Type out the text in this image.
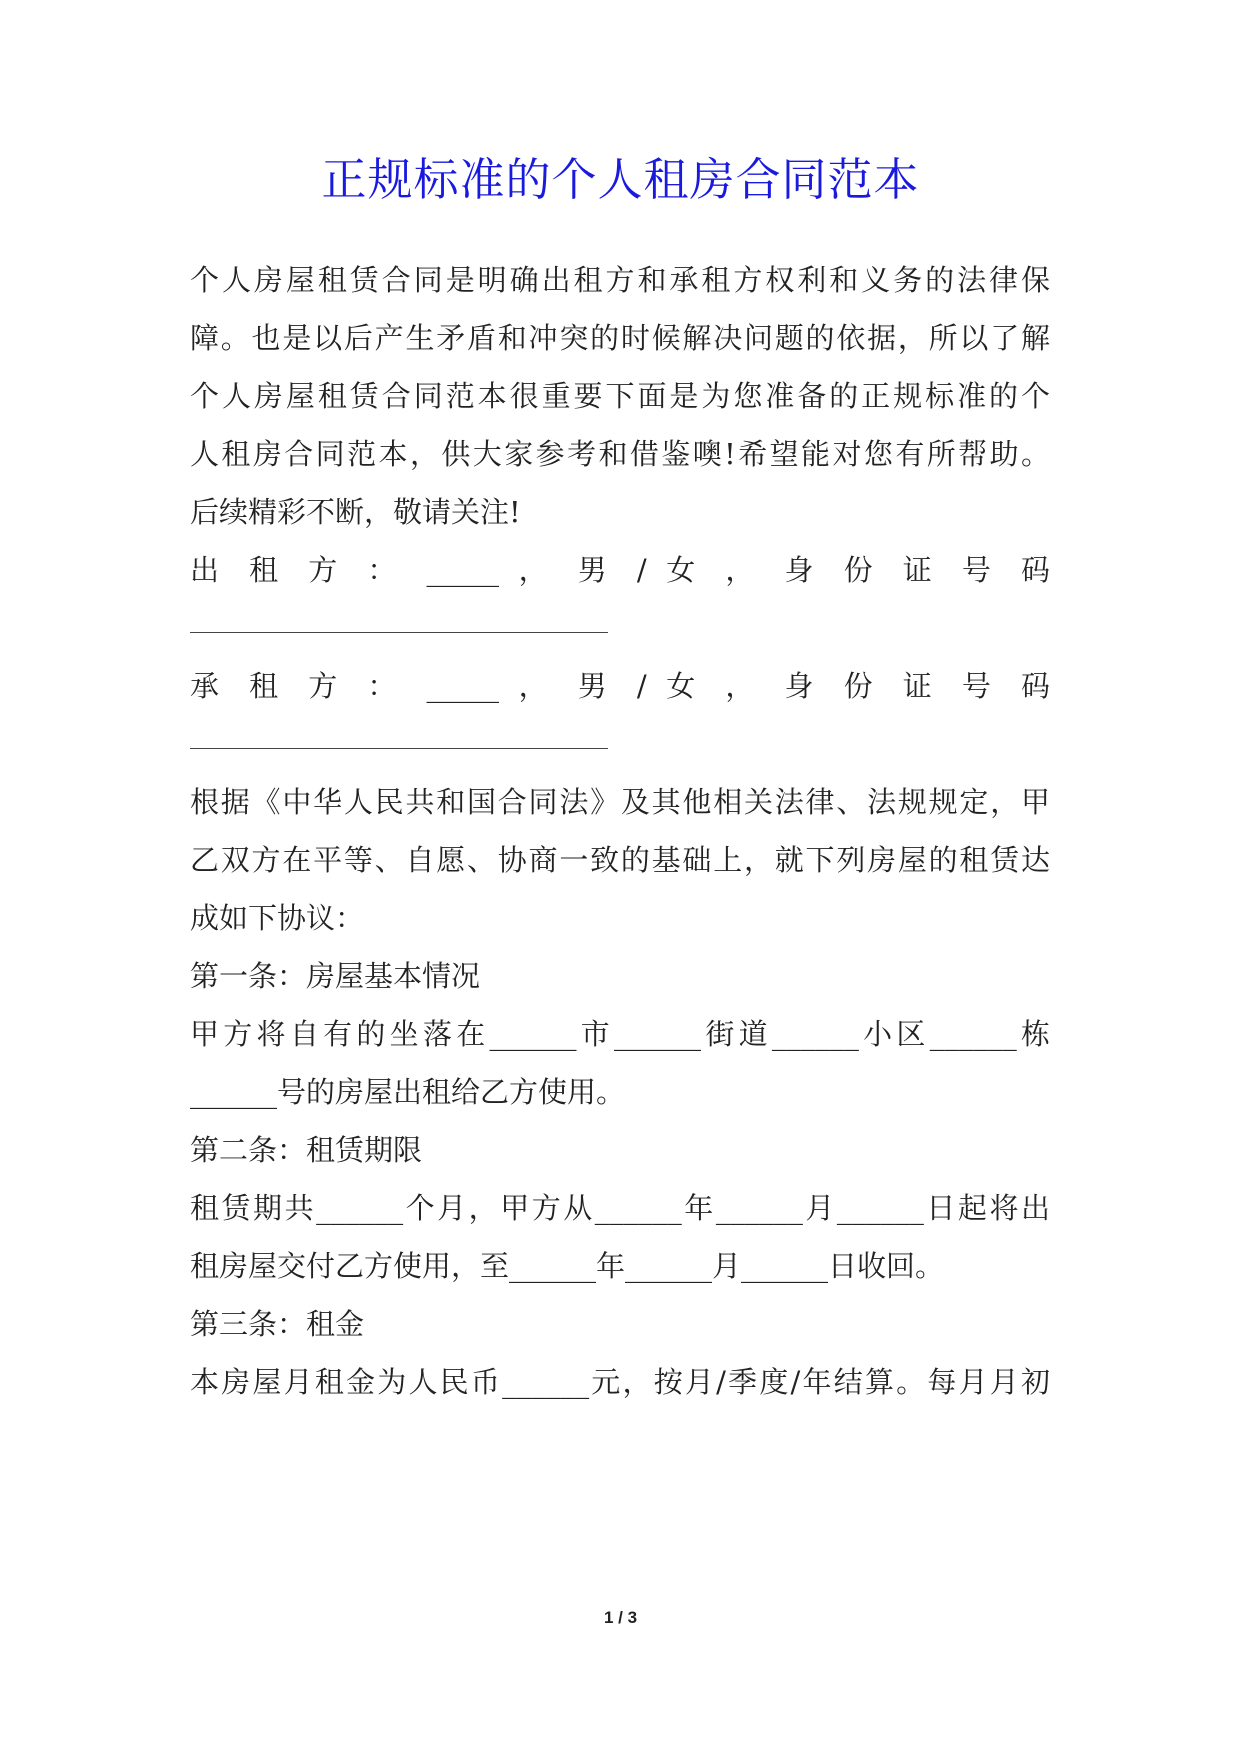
正规标准的个人租房合同范本
个人房屋租赁合同是明确出租方和承租方权利和义务的法律保
障。也是以后产生矛盾和冲突的时候解决问题的依据，所以了解
个人房屋租赁合同范本很重要下面是为您准备的正规标准的个
人租房合同范本，供大家参考和借鉴噢!希望能对您有所帮助。
后续精彩不断，敬请关注!
出 租 方 ： _____ ， 男 / 女 ， 身 份 证 号 码
承 租 方 ： _____ ， 男 / 女 ， 身 份 证 号 码
根据《中华人民共和国合同法》及其他相关法律、法规规定，甲
乙双方在平等、自愿、协商一致的基础上，就下列房屋的租赁达
成如下协议：
第一条：房屋基本情况
甲方将自有的坐落在______市______街道______小区______栋
______号的房屋出租给乙方使用。
第二条：租赁期限
租赁期共______个月，甲方从______年______月______日起将出
租房屋交付乙方使用，至______年______月______日收回。
第三条：租金
本房屋月租金为人民币______元，按月/季度/年结算。每月月初
1 / 3
